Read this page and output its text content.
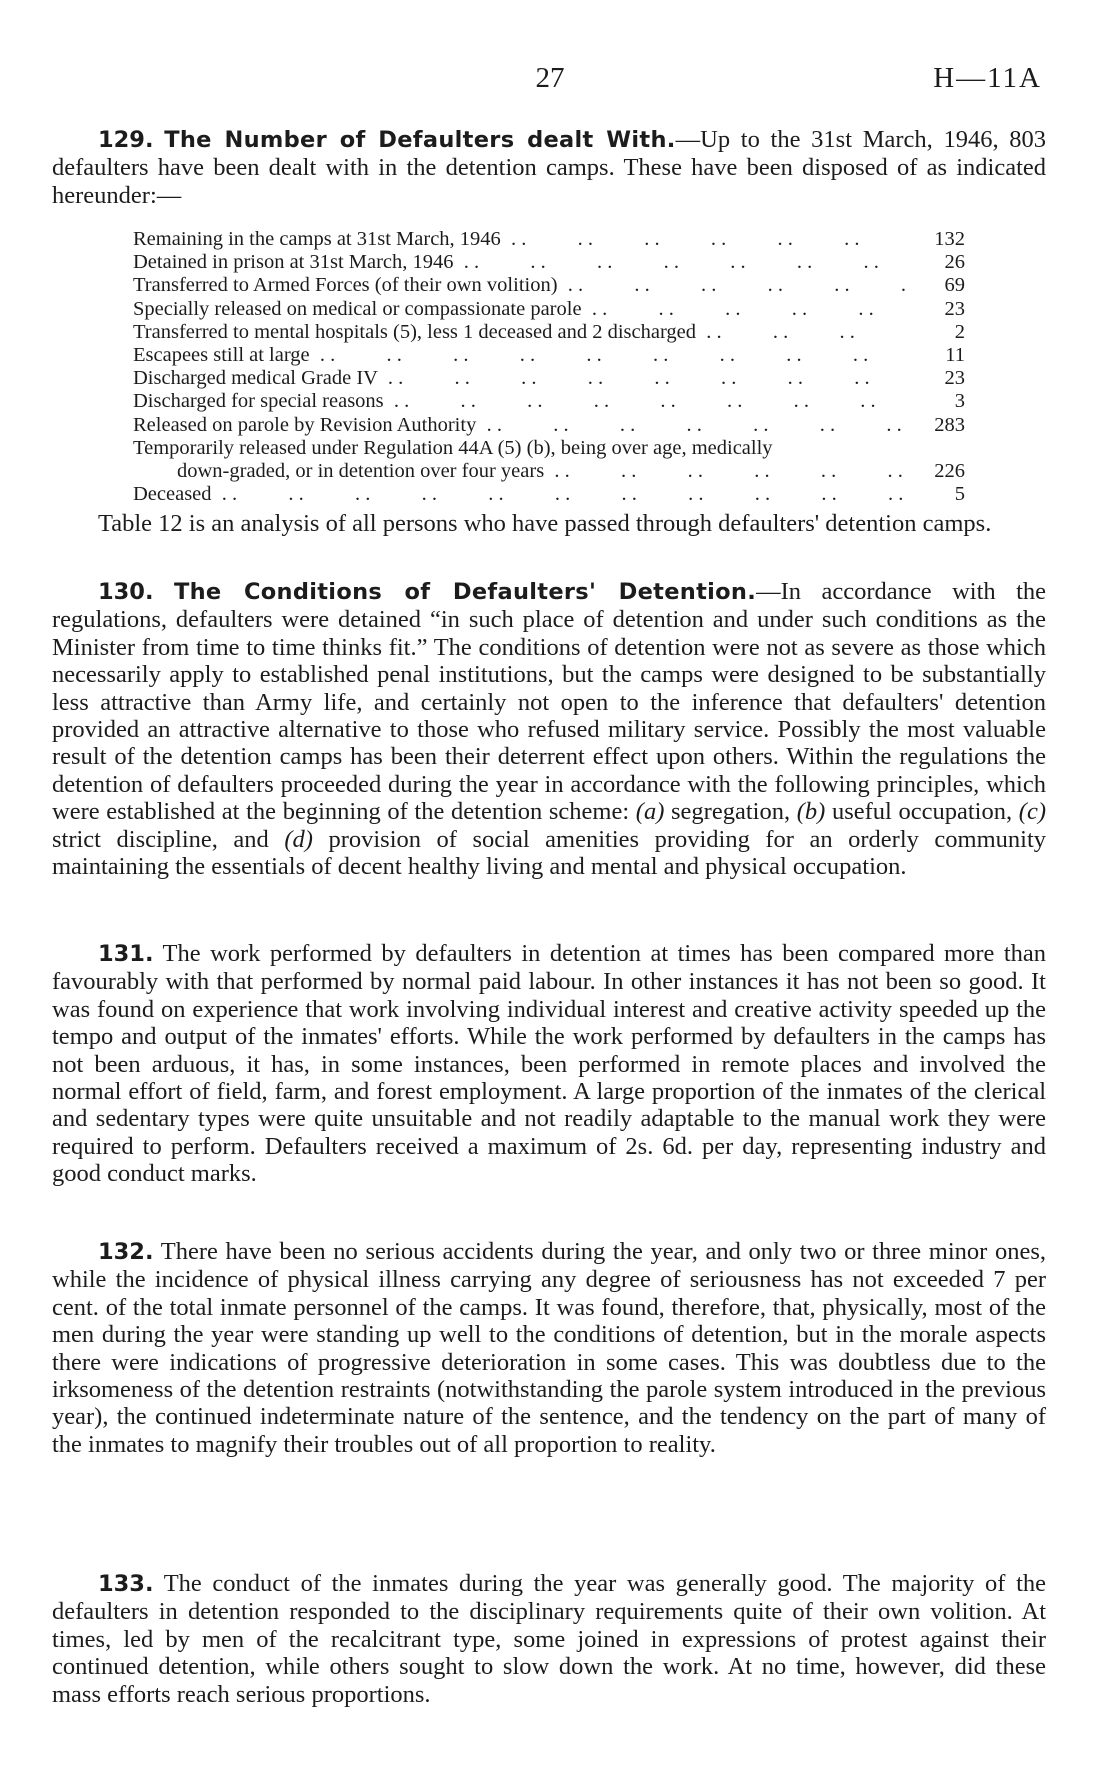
27	H—11A

129. The Number of Defaulters dealt With.—Up to the 31st March, 1946, 803 defaulters have been dealt with in the detention camps. These have been disposed of as indicated hereunder:—

Remaining in the camps at 31st March, 1946 . .	132
Detained in prison at 31st March, 1946 . .	26
Transferred to Armed Forces (of their own volition) . .	69
Specially released on medical or compassionate parole . .	23
Transferred to mental hospitals (5), less 1 deceased and 2 discharged . .	2
Escapees still at large . .	11
Discharged medical Grade IV . .	23
Discharged for special reasons . .	3
Released on parole by Revision Authority . .	283
Temporarily released under Regulation 44A (5) (b), being over age, medically
down-graded, or in detention over four years . .	226
Deceased . .	5

Table 12 is an analysis of all persons who have passed through defaulters' detention camps.

130. The Conditions of Defaulters' Detention.—In accordance with the regulations, defaulters were detained “in such place of detention and under such conditions as the Minister from time to time thinks fit.” The conditions of detention were not as severe as those which necessarily apply to established penal institutions, but the camps were designed to be substantially less attractive than Army life, and certainly not open to the inference that defaulters' detention provided an attractive alternative to those who refused military service. Possibly the most valuable result of the detention camps has been their deterrent effect upon others. Within the regulations the detention of defaulters proceeded during the year in accordance with the following principles, which were established at the beginning of the detention scheme: (a) segregation, (b) useful occupation, (c) strict discipline, and (d) provision of social amenities providing for an orderly community maintaining the essentials of decent healthy living and mental and physical occupation.

131. The work performed by defaulters in detention at times has been compared more than favourably with that performed by normal paid labour. In other instances it has not been so good. It was found on experience that work involving individual interest and creative activity speeded up the tempo and output of the inmates' efforts. While the work performed by defaulters in the camps has not been arduous, it has, in some instances, been performed in remote places and involved the normal effort of field, farm, and forest employment. A large proportion of the inmates of the clerical and sedentary types were quite unsuitable and not readily adaptable to the manual work they were required to perform. Defaulters received a maximum of 2s. 6d. per day, representing industry and good conduct marks.

132. There have been no serious accidents during the year, and only two or three minor ones, while the incidence of physical illness carrying any degree of seriousness has not exceeded 7 per cent. of the total inmate personnel of the camps. It was found, therefore, that, physically, most of the men during the year were standing up well to the conditions of detention, but in the morale aspects there were indications of progressive deterioration in some cases. This was doubtless due to the irksomeness of the detention restraints (notwithstanding the parole system introduced in the previous year), the continued indeterminate nature of the sentence, and the tendency on the part of many of the inmates to magnify their troubles out of all proportion to reality.

133. The conduct of the inmates during the year was generally good. The majority of the defaulters in detention responded to the disciplinary requirements quite of their own volition. At times, led by men of the recalcitrant type, some joined in expressions of protest against their continued detention, while others sought to slow down the work. At no time, however, did these mass efforts reach serious proportions.
